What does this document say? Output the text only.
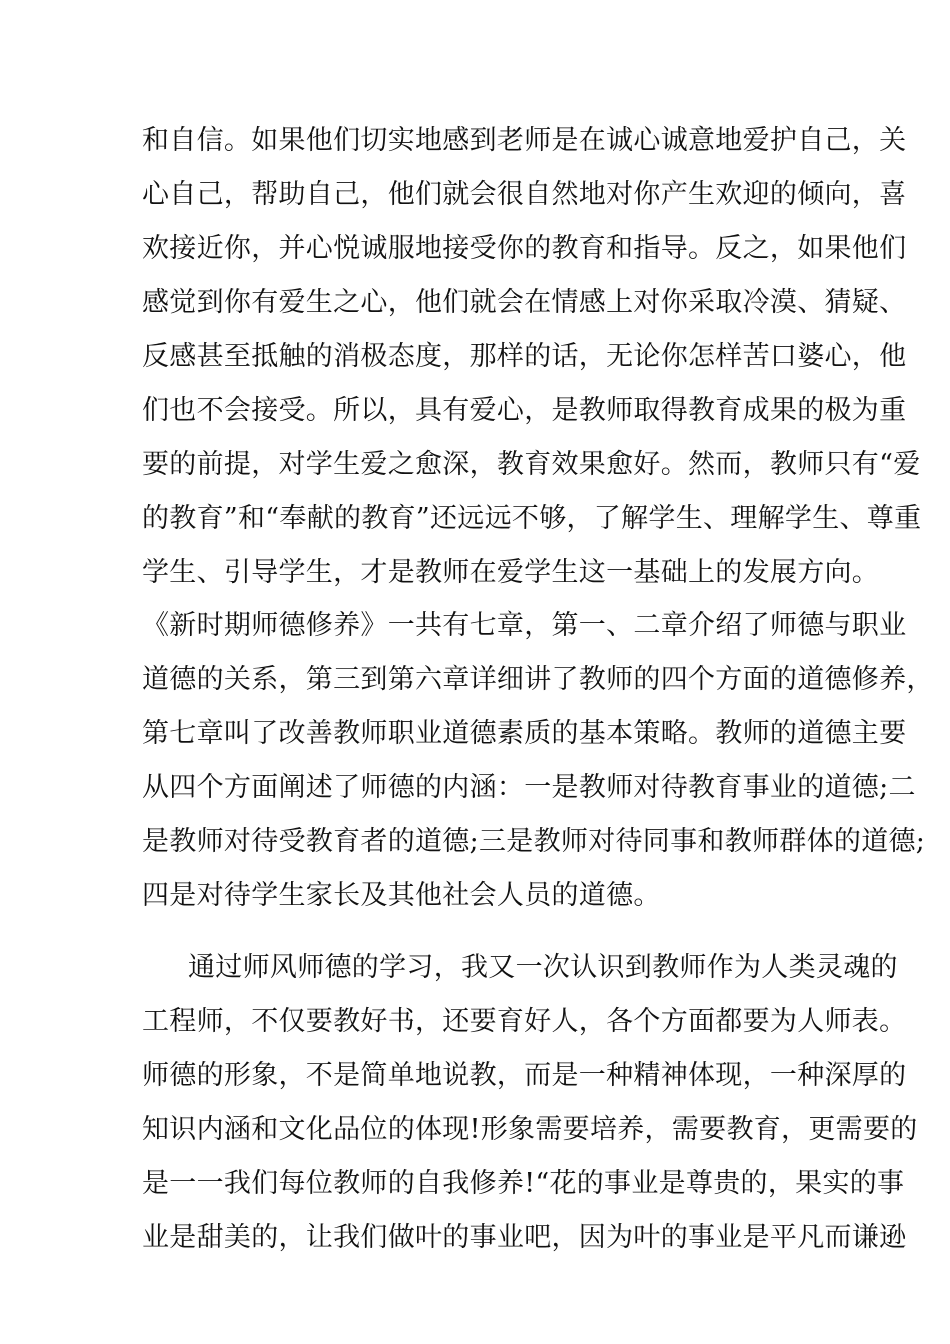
和自信。如果他们切实地感到老师是在诚心诚意地爱护自己，关
心自己，帮助自己，他们就会很自然地对你产生欢迎的倾向，喜
欢接近你，并心悦诚服地接受你的教育和指导。反之，如果他们
感觉到你有爱生之心，他们就会在情感上对你采取冷漠、猜疑、
反感甚至抵触的消极态度，那样的话，无论你怎样苦口婆心，他
们也不会接受。所以，具有爱心，是教师取得教育成果的极为重
要的前提，对学生爱之愈深，教育效果愈好。然而，教师只有“爱
的教育”和“奉献的教育”还远远不够，了解学生、理解学生、尊重
学生、引导学生，才是教师在爱学生这一基础上的发展方向。
《新时期师德修养》一共有七章，第一、二章介绍了师德与职业
道德的关系，第三到第六章详细讲了教师的四个方面的道德修养，
第七章叫了改善教师职业道德素质的基本策略。教师的道德主要
从四个方面阐述了师德的内涵：一是教师对待教育事业的道德;二
是教师对待受教育者的道德;三是教师对待同事和教师群体的道德;
四是对待学生家长及其他社会人员的道德。
通过师风师德的学习，我又一次认识到教师作为人类灵魂的
工程师，不仅要教好书，还要育好人，各个方面都要为人师表。
师德的形象，不是简单地说教，而是一种精神体现，一种深厚的
知识内涵和文化品位的体现!形象需要培养，需要教育，更需要的
是一一我们每位教师的自我修养!“花的事业是尊贵的，果实的事
业是甜美的，让我们做叶的事业吧，因为叶的事业是平凡而谦逊
